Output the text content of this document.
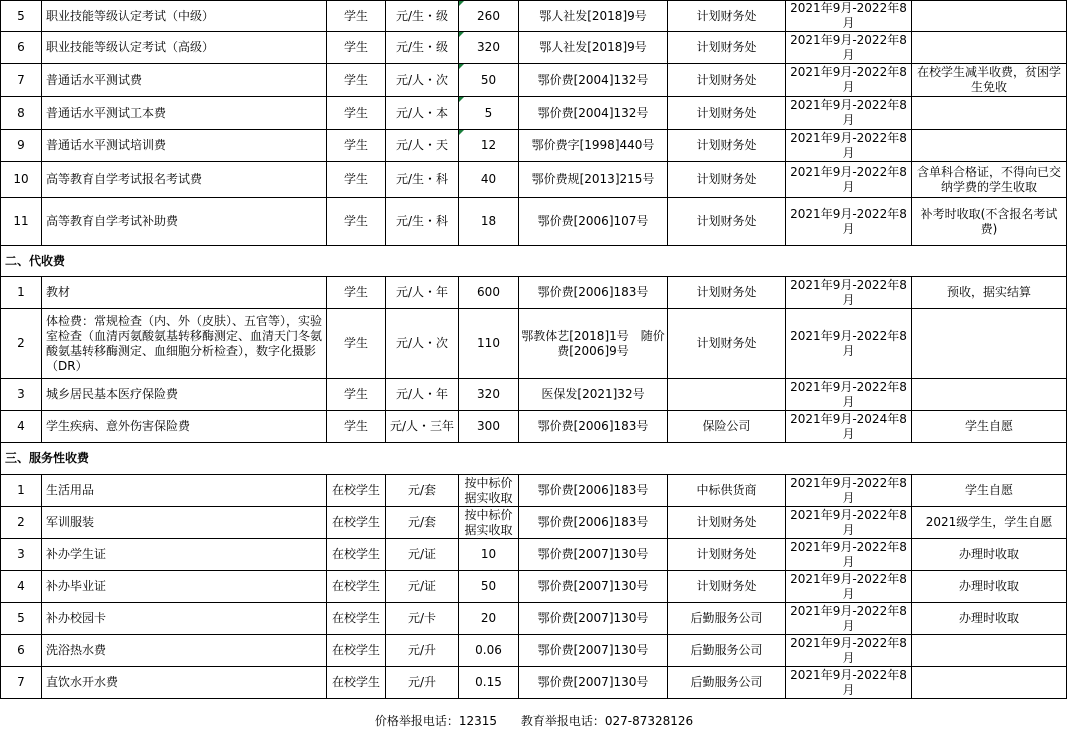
5	职业技能等级认定考试（中级）	学生	元/生・级	260	鄂人社发[2018]9号	计划财务处	2021年9月-2022年8月	
6	职业技能等级认定考试（高级）	学生	元/生・级	320	鄂人社发[2018]9号	计划财务处	2021年9月-2022年8月	
7	普通话水平测试费	学生	元/人・次	50	鄂价费[2004]132号	计划财务处	2021年9月-2022年8月	在校学生减半收费，贫困学生免收
8	普通话水平测试工本费	学生	元/人・本	5	鄂价费[2004]132号	计划财务处	2021年9月-2022年8月	
9	普通话水平测试培训费	学生	元/人・天	12	鄂价费字[1998]440号	计划财务处	2021年9月-2022年8月	
10	高等教育自学考试报名考试费	学生	元/生・科	40	鄂价费规[2013]215号	计划财务处	2021年9月-2022年8月	含单科合格证，不得向已交纳学费的学生收取
11	高等教育自学考试补助费	学生	元/生・科	18	鄂价费[2006]107号	计划财务处	2021年9月-2022年8月	补考时收取(不含报名考试费)
二、代收费								
1	教材	学生	元/人・年	600	鄂价费[2006]183号	计划财务处	2021年9月-2022年8月	预收，据实结算
2	体检费：常规检查（内、外（皮肤）、五官等），实验室检查（血清丙氨酸氨基转移酶测定、血清天门冬氨酸氨基转移酶测定、血细胞分析检查），数字化摄影（DR）	学生	元/人・次	110	鄂教体艺[2018]1号　随价费[2006]9号	计划财务处	2021年9月-2022年8月	
3	城乡居民基本医疗保险费	学生	元/人・年	320	医保发[2021]32号		2021年9月-2022年8月	
4	学生疾病、意外伤害保险费	学生	元/人・三年	300	鄂价费[2006]183号	保险公司	2021年9月-2024年8月	学生自愿
三、服务性收费								
1	生活用品	在校学生	元/套	按中标价据实收取	鄂价费[2006]183号	中标供货商	2021年9月-2022年8月	学生自愿
2	军训服装	在校学生	元/套	按中标价据实收取	鄂价费[2006]183号	计划财务处	2021年9月-2022年8月	2021级学生，学生自愿
3	补办学生证	在校学生	元/证	10	鄂价费[2007]130号	计划财务处	2021年9月-2022年8月	办理时收取
4	补办毕业证	在校学生	元/证	50	鄂价费[2007]130号	计划财务处	2021年9月-2022年8月	办理时收取
5	补办校园卡	在校学生	元/卡	20	鄂价费[2007]130号	后勤服务公司	2021年9月-2022年8月	办理时收取
6	洗浴热水费	在校学生	元/升	0.06	鄂价费[2007]130号	后勤服务公司	2021年9月-2022年8月	
7	直饮水开水费	在校学生	元/升	0.15	鄂价费[2007]130号	后勤服务公司	2021年9月-2022年8月	
价格举报电话：12315 教育举报电话：027-87328126
